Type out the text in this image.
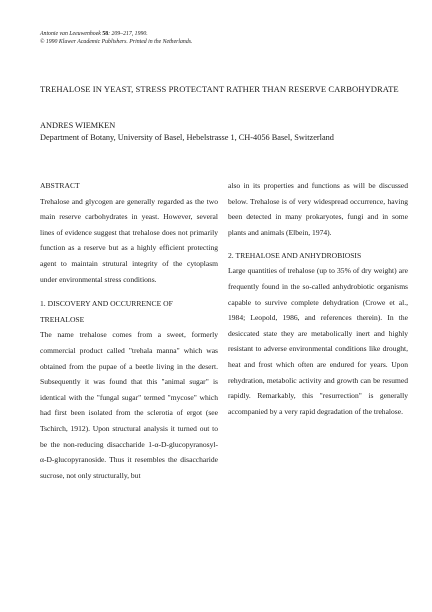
Antonie van Leeuwenhoek 58: 209–217, 1990.
© 1990 Kluwer Academic Publishers. Printed in the Netherlands.
TREHALOSE IN YEAST, STRESS PROTECTANT RATHER THAN RESERVE CARBOHYDRATE
ANDRES WIEMKEN
Department of Botany, University of Basel, Hebelstrasse 1, CH-4056 Basel, Switzerland
ABSTRACT

Trehalose and glycogen are generally regarded as the two main reserve carbohydrates in yeast. However, several lines of evidence suggest that trehalose does not primarily function as a reserve but as a highly efficient protecting agent to maintain strutural integrity of the cytoplasm under environmental stress conditions.

1. DISCOVERY AND OCCURRENCE OF TREHALOSE

The name trehalose comes from a sweet, formerly commercial product called "trehala manna" which was obtained from the pupae of a beetle living in the desert. Subsequently it was found that this "animal sugar" is identical with the "fungal sugar" termed "mycose" which had first been isolated from the sclerotia of ergot (see Tschirch, 1912). Upon structural analysis it turned out to be the non-reducing disaccharide 1-α-D-glucopyranosyl-α-D-glucopyranoside. Thus it resembles the disaccharide sucrose, not only structurally, but

also in its properties and functions as will be discussed below. Trehalose is of very widespread occurrence, having been detected in many prokaryotes, fungi and in some plants and animals (Elbein, 1974).

2. TREHALOSE AND ANHYDROBIOSIS

Large quantities of trehalose (up to 35% of dry weight) are frequently found in the so-called anhydrobiotic organisms capable to survive complete dehydration (Crowe et al., 1984; Leopold, 1986, and references therein). In the desiccated state they are metabolically inert and highly resistant to adverse environmental conditions like drought, heat and frost which often are endured for years. Upon rehydration, metabolic activity and growth can be resumed rapidly. Remarkably, this "resurrection" is generally accompanied by a very rapid degradation of the trehalose.
